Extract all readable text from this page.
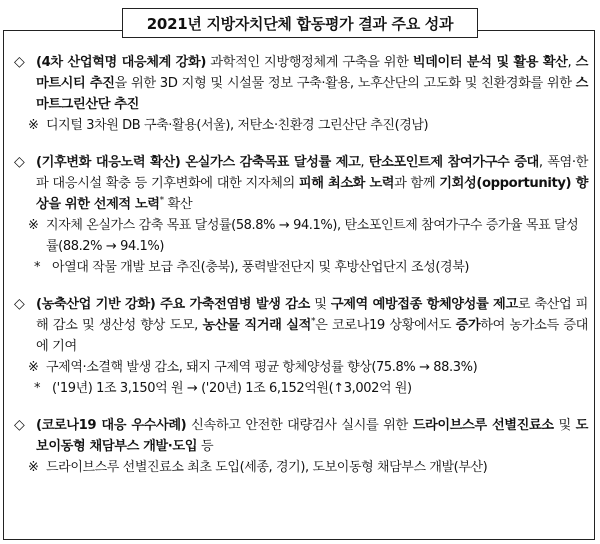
2021년 지방자치단체 합동평가 결과 주요 성과
◇ (4차 산업혁명 대응체계 강화) 과학적인 지방행정체계 구축을 위한 빅데이터 분석 및 활용 확산, 스마트시티 추진을 위한 3D 지형 및 시설물 정보 구축·활용, 노후산단의 고도화 및 친환경화를 위한 스마트그린산단 추진
※ 디지털 3차원 DB 구축·활용(서울), 저탄소·친환경 그린산단 추진(경남)
◇ (기후변화 대응노력 확산) 온실가스 감축목표 달성률 제고, 탄소포인트제 참여가구수 증대, 폭염·한파 대응시설 확충 등 기후변화에 대한 지자체의 피해 최소화 노력과 함께 기회성(opportunity) 향상을 위한 선제적 노력* 확산
※ 지자체 온실가스 감축 목표 달성률(58.8% → 94.1%), 탄소포인트제 참여가구수 증가율 목표 달성률(88.2% → 94.1%)
* 아열대 작물 개발 보급 추진(충북), 풍력발전단지 및 후방산업단지 조성(경북)
◇ (농축산업 기반 강화) 주요 가축전염병 발생 감소 및 구제역 예방접종 항체양성률 제고로 축산업 피해 감소 및 생산성 향상 도모, 농산물 직거래 실적*은 코로나19 상황에서도 증가하여 농가소득 증대에 기여
※ 구제역·소결핵 발생 감소, 돼지 구제역 평균 항체양성률 향상(75.8% → 88.3%)
* ('19년) 1조 3,150억 원 → ('20년) 1조 6,152억원(↑3,002억 원)
◇ (코로나19 대응 우수사례) 신속하고 안전한 대량검사 실시를 위한 드라이브스루 선별진료소 및 도보이동형 채담부스 개발·도입 등
※ 드라이브스루 선별진료소 최초 도입(세종, 경기), 도보이동형 채담부스 개발(부산)
